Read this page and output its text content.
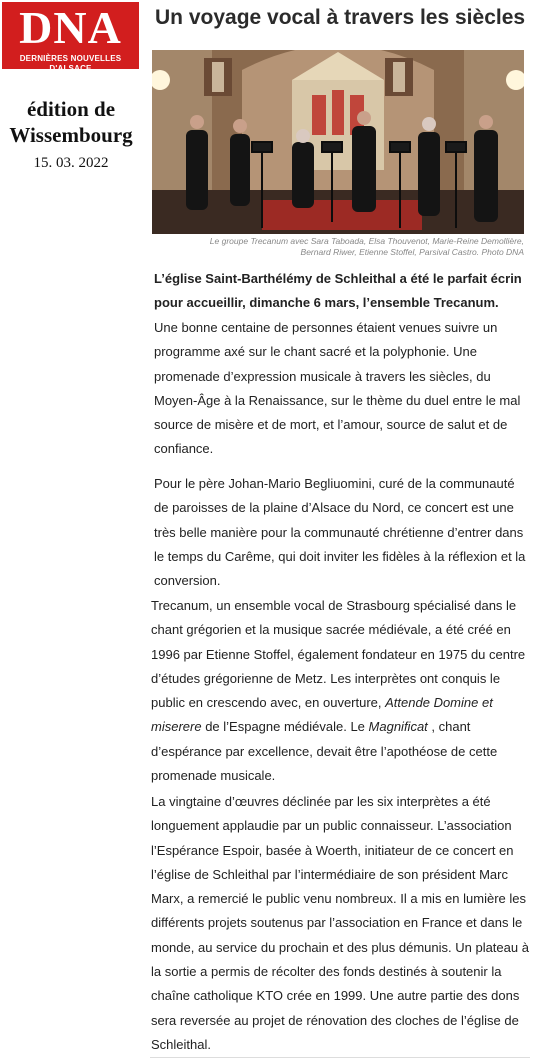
DNA
DERNIÈRES NOUVELLES D'ALSACE
édition de
Wissembourg
15. 03. 2022
Un voyage vocal à travers les siècles
Le groupe Trecanum avec Sara Taboada, Elsa Thouvenot, Marie-Reine Demollière,
Bernard Riwer, Etienne Stoffel, Parsival Castro. Photo DNA
L’église Saint-Barthélémy de Schleithal a été le parfait écrin pour accueillir, dimanche 6 mars, l’ensemble Trecanum.

Une bonne centaine de personnes étaient venues suivre un programme axé sur le chant sacré et la polyphonie. Une promenade d’expression musicale à travers les siècles, du Moyen-Âge à la Renaissance, sur le thème du duel entre le mal source de misère et de mort, et l’amour, source de salut et de confiance.

Pour le père Johan-Mario Begliuomini, curé de la communauté de paroisses de la plaine d’Alsace du Nord, ce concert est une très belle manière pour la communauté chrétienne d’entrer dans le temps du Carême, qui doit inviter les fidèles à la réflexion et la conversion.

Trecanum, un ensemble vocal de Strasbourg spécialisé dans le chant grégorien et la musique sacrée médiévale, a été créé en 1996 par Etienne Stoffel, également fondateur en 1975 du centre d’études grégorienne de Metz. Les interprètes ont conquis le public en crescendo avec, en ouverture, Attende Domine et miserere de l’Espagne médiévale. Le Magnificat , chant d’espérance par excellence, devait être l’apothéose de cette promenade musicale.

La vingtaine d’œuvres déclinée par les six interprètes a été longuement applaudie par un public connaisseur. L’association l’Espérance Espoir, basée à Woerth, initiateur de ce concert en l’église de Schleithal par l’intermédiaire de son président Marc Marx, a remercié le public venu nombreux. Il a mis en lumière les différents projets soutenus par l’association en France et dans le monde, au service du prochain et des plus démunis. Un plateau à la sortie a permis de récolter des fonds destinés à soutenir la chaîne catholique KTO crée en 1999. Une autre partie des dons sera reversée au projet de rénovation des cloches de l’église de Schleithal.
